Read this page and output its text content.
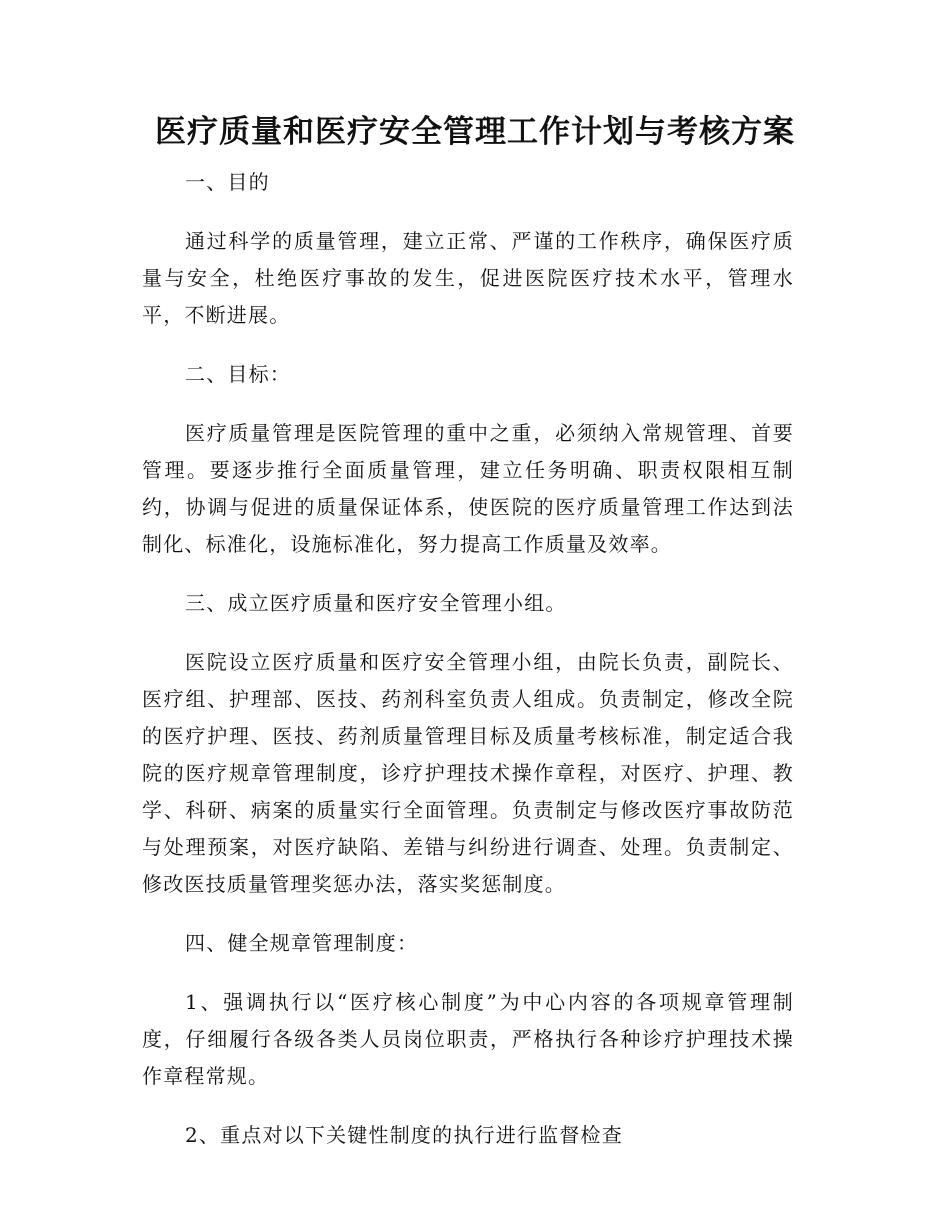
医疗质量和医疗安全管理工作计划与考核方案

一、目的

通过科学的质量管理，建立正常、严谨的工作秩序，确保医疗质量与安全，杜绝医疗事故的发生，促进医院医疗技术水平，管理水平，不断进展。

二、目标：

医疗质量管理是医院管理的重中之重，必须纳入常规管理、首要管理。要逐步推行全面质量管理，建立任务明确、职责权限相互制约，协调与促进的质量保证体系，使医院的医疗质量管理工作达到法制化、标准化，设施标准化，努力提高工作质量及效率。

三、成立医疗质量和医疗安全管理小组。

医院设立医疗质量和医疗安全管理小组，由院长负责，副院长、医疗组、护理部、医技、药剂科室负责人组成。负责制定，修改全院的医疗护理、医技、药剂质量管理目标及质量考核标准，制定适合我院的医疗规章管理制度，诊疗护理技术操作章程，对医疗、护理、教学、科研、病案的质量实行全面管理。负责制定与修改医疗事故防范与处理预案，对医疗缺陷、差错与纠纷进行调查、处理。负责制定、修改医技质量管理奖惩办法，落实奖惩制度。

四、健全规章管理制度：

1、强调执行以“医疗核心制度”为中心内容的各项规章管理制度，仔细履行各级各类人员岗位职责，严格执行各种诊疗护理技术操作章程常规。

2、重点对以下关键性制度的执行进行监督检查
